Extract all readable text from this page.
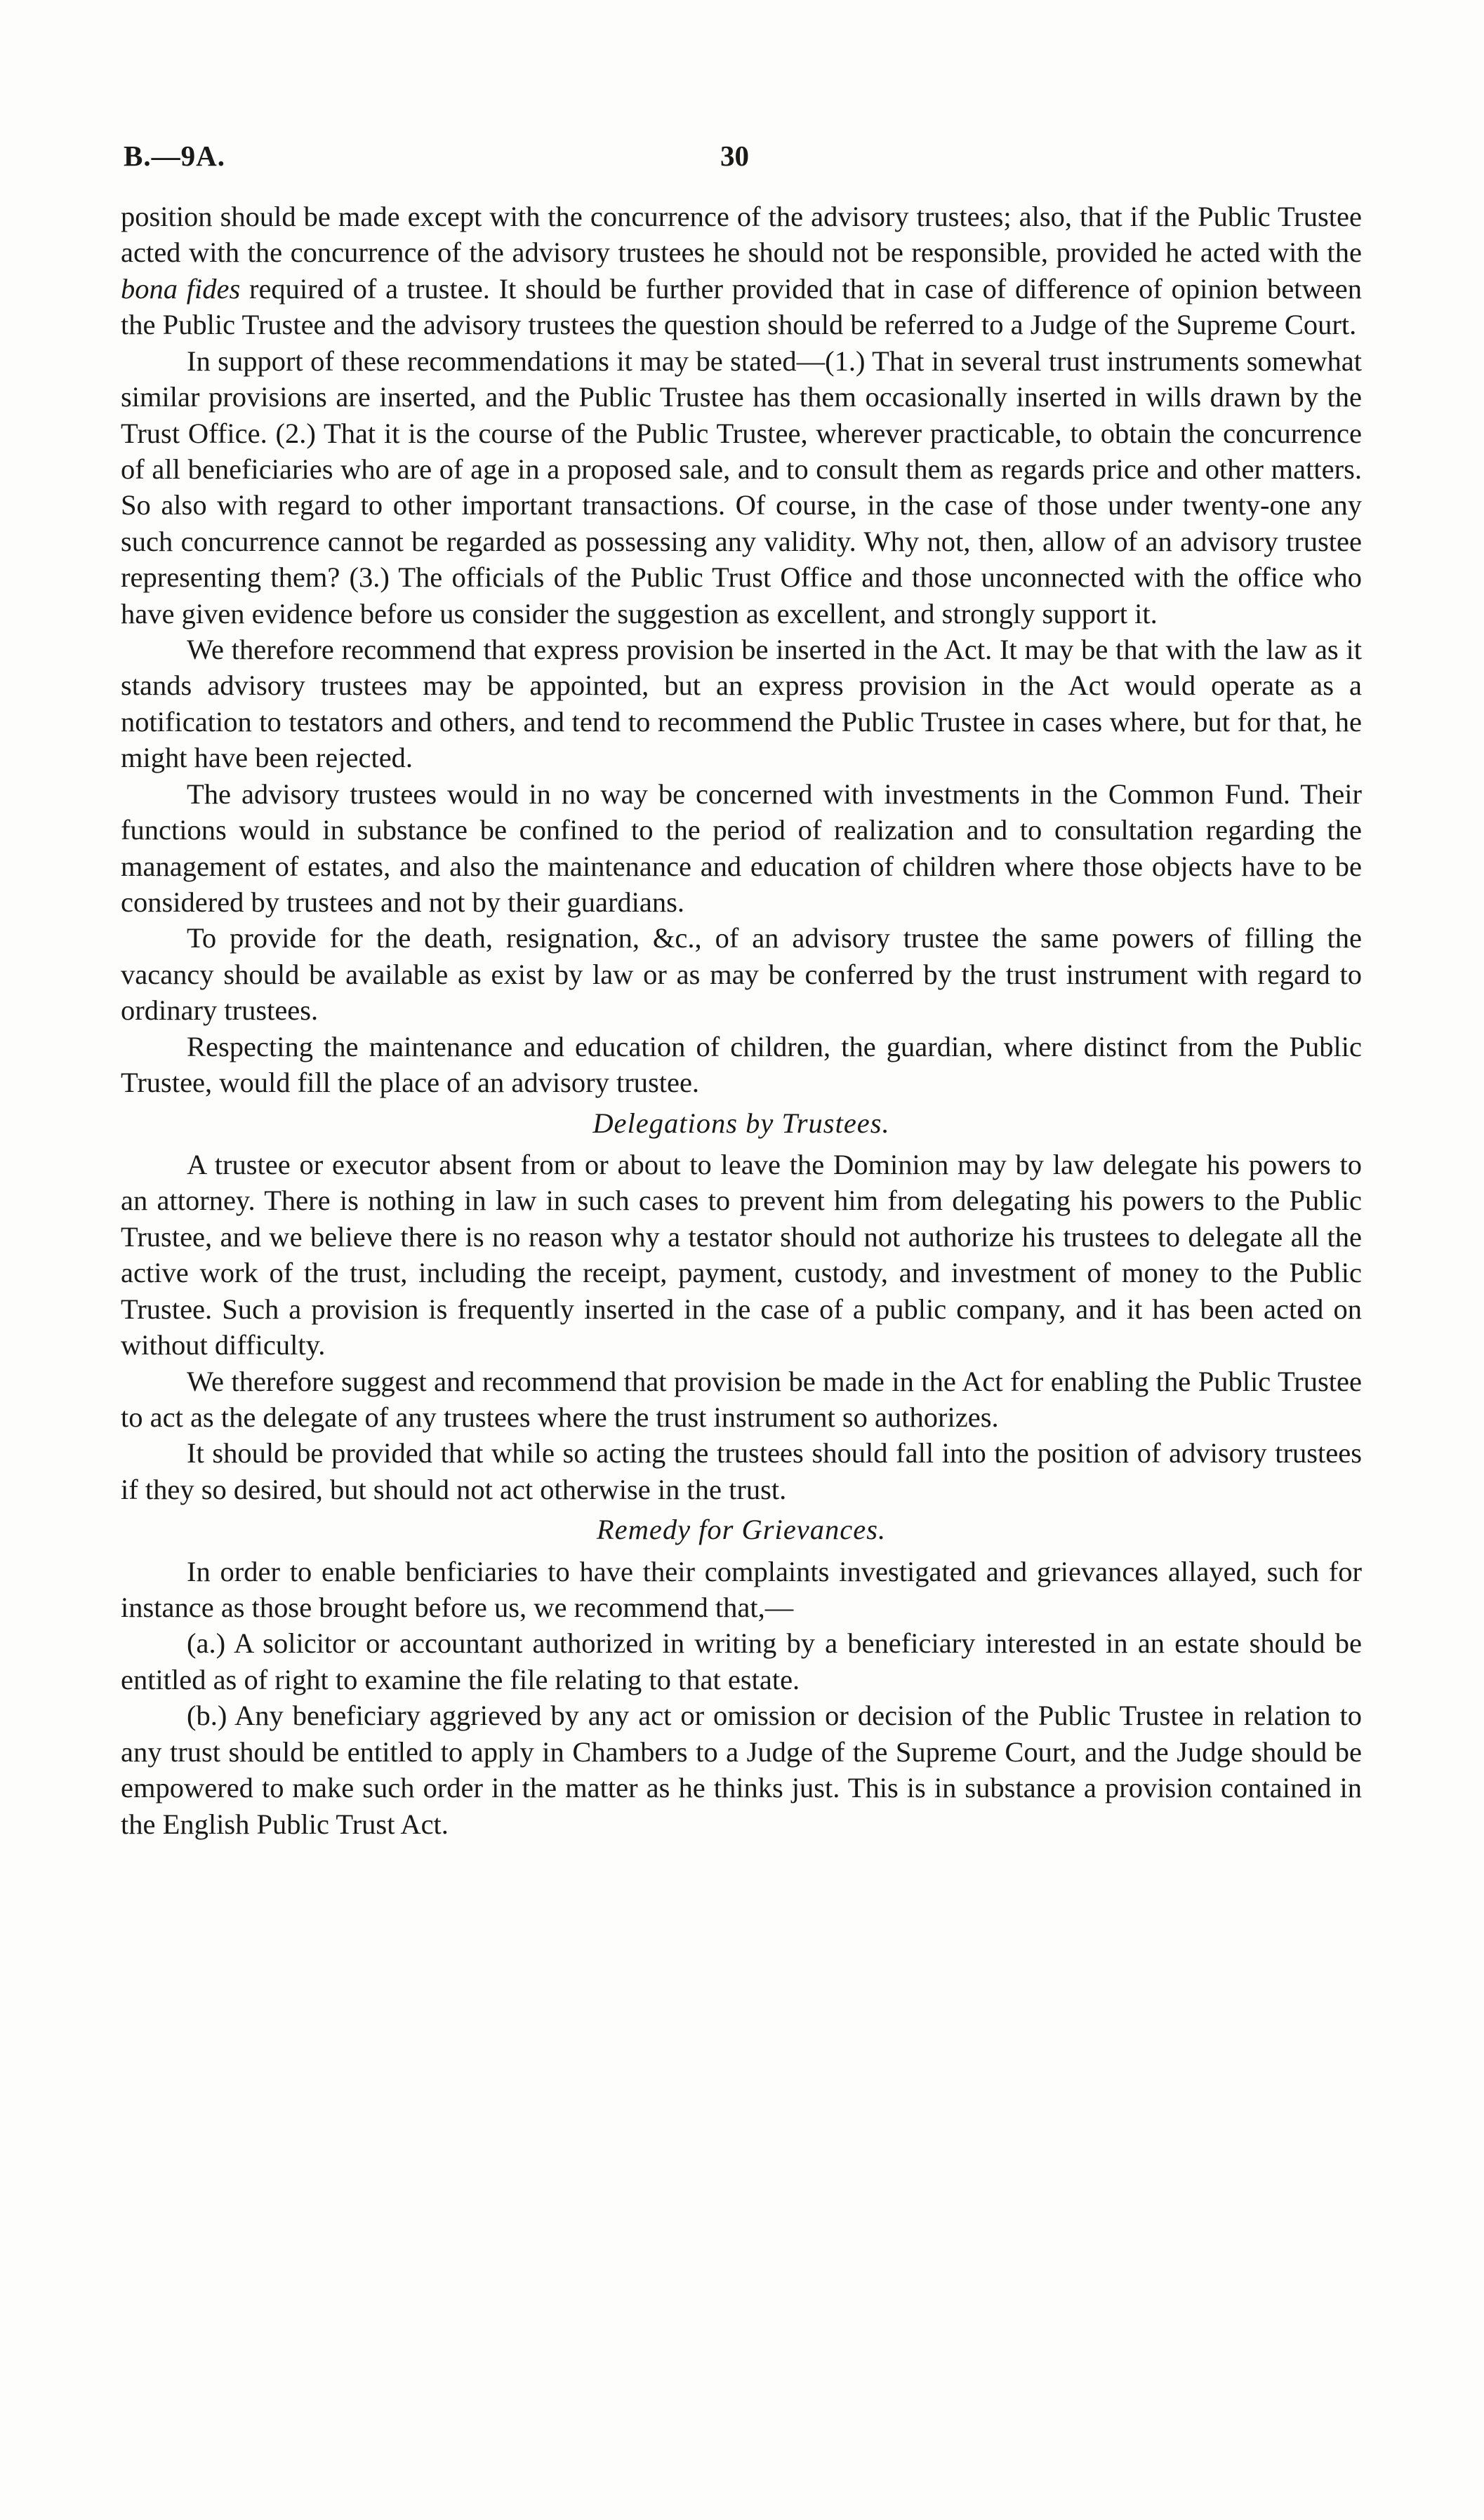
B.—9A.	30

position should be made except with the concurrence of the advisory trustees; also, that if the Public Trustee acted with the concurrence of the advisory trustees he should not be responsible, provided he acted with the bona fides required of a trustee. It should be further provided that in case of difference of opinion between the Public Trustee and the advisory trustees the question should be referred to a Judge of the Supreme Court.

In support of these recommendations it may be stated—(1.) That in several trust instruments somewhat similar provisions are inserted, and the Public Trustee has them occasionally inserted in wills drawn by the Trust Office. (2.) That it is the course of the Public Trustee, wherever practicable, to obtain the concurrence of all beneficiaries who are of age in a proposed sale, and to consult them as regards price and other matters. So also with regard to other important transactions. Of course, in the case of those under twenty-one any such concurrence cannot be regarded as possessing any validity. Why not, then, allow of an advisory trustee representing them? (3.) The officials of the Public Trust Office and those unconnected with the office who have given evidence before us consider the suggestion as excellent, and strongly support it.

We therefore recommend that express provision be inserted in the Act. It may be that with the law as it stands advisory trustees may be appointed, but an express provision in the Act would operate as a notification to testators and others, and tend to recommend the Public Trustee in cases where, but for that, he might have been rejected.

The advisory trustees would in no way be concerned with investments in the Common Fund. Their functions would in substance be confined to the period of realization and to consultation regarding the management of estates, and also the maintenance and education of children where those objects have to be considered by trustees and not by their guardians.

To provide for the death, resignation, &c., of an advisory trustee the same powers of filling the vacancy should be available as exist by law or as may be conferred by the trust instrument with regard to ordinary trustees.

Respecting the maintenance and education of children, the guardian, where distinct from the Public Trustee, would fill the place of an advisory trustee.

Delegations by Trustees.

A trustee or executor absent from or about to leave the Dominion may by law delegate his powers to an attorney. There is nothing in law in such cases to prevent him from delegating his powers to the Public Trustee, and we believe there is no reason why a testator should not authorize his trustees to delegate all the active work of the trust, including the receipt, payment, custody, and investment of money to the Public Trustee. Such a provision is frequently inserted in the case of a public company, and it has been acted on without difficulty.

We therefore suggest and recommend that provision be made in the Act for enabling the Public Trustee to act as the delegate of any trustees where the trust instrument so authorizes.

It should be provided that while so acting the trustees should fall into the position of advisory trustees if they so desired, but should not act otherwise in the trust.

Remedy for Grievances.

In order to enable benficiaries to have their complaints investigated and grievances allayed, such for instance as those brought before us, we recommend that,—

(a.) A solicitor or accountant authorized in writing by a beneficiary interested in an estate should be entitled as of right to examine the file relating to that estate.

(b.) Any beneficiary aggrieved by any act or omission or decision of the Public Trustee in relation to any trust should be entitled to apply in Chambers to a Judge of the Supreme Court, and the Judge should be empowered to make such order in the matter as he thinks just. This is in substance a provision contained in the English Public Trust Act.
